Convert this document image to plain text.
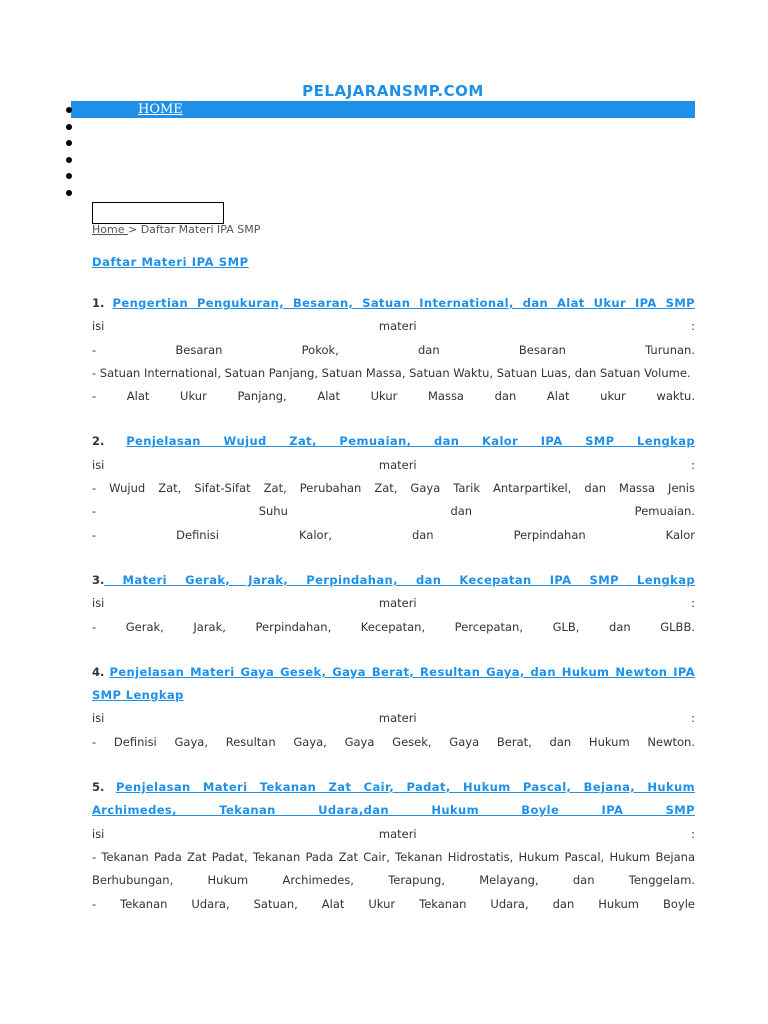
PELAJARANSMP.COM
HOME
Home > Daftar Materi IPA SMP
Daftar Materi IPA SMP

1. Pengertian Pengukuran, Besaran, Satuan International, dan Alat Ukur IPA SMP

isi materi :

- Besaran Pokok, dan Besaran Turunan.

- Satuan International, Satuan Panjang, Satuan Massa, Satuan Waktu, Satuan Luas, dan Satuan Volume.

- Alat Ukur Panjang, Alat Ukur Massa dan Alat ukur waktu.

2. Penjelasan Wujud Zat, Pemuaian, dan Kalor IPA SMP Lengkap

isi materi :

- Wujud Zat, Sifat-Sifat Zat, Perubahan Zat, Gaya Tarik Antarpartikel, dan Massa Jenis

- Suhu dan Pemuaian.

- Definisi Kalor, dan Perpindahan Kalor

3. Materi Gerak, Jarak, Perpindahan, dan Kecepatan IPA SMP Lengkap

isi materi :

- Gerak, Jarak, Perpindahan, Kecepatan, Percepatan, GLB, dan GLBB.

4. Penjelasan Materi Gaya Gesek, Gaya Berat, Resultan Gaya, dan Hukum Newton IPA SMP Lengkap

isi materi :

- Definisi Gaya, Resultan Gaya, Gaya Gesek, Gaya Berat, dan Hukum Newton.

5. Penjelasan Materi Tekanan Zat Cair, Padat, Hukum Pascal, Bejana, Hukum Archimedes, Tekanan Udara,dan Hukum Boyle IPA SMP

isi materi :

- Tekanan Pada Zat Padat, Tekanan Pada Zat Cair, Tekanan Hidrostatis, Hukum Pascal, Hukum Bejana Berhubungan, Hukum Archimedes, Terapung, Melayang, dan Tenggelam.

- Tekanan Udara, Satuan, Alat Ukur Tekanan Udara, dan Hukum Boyle
